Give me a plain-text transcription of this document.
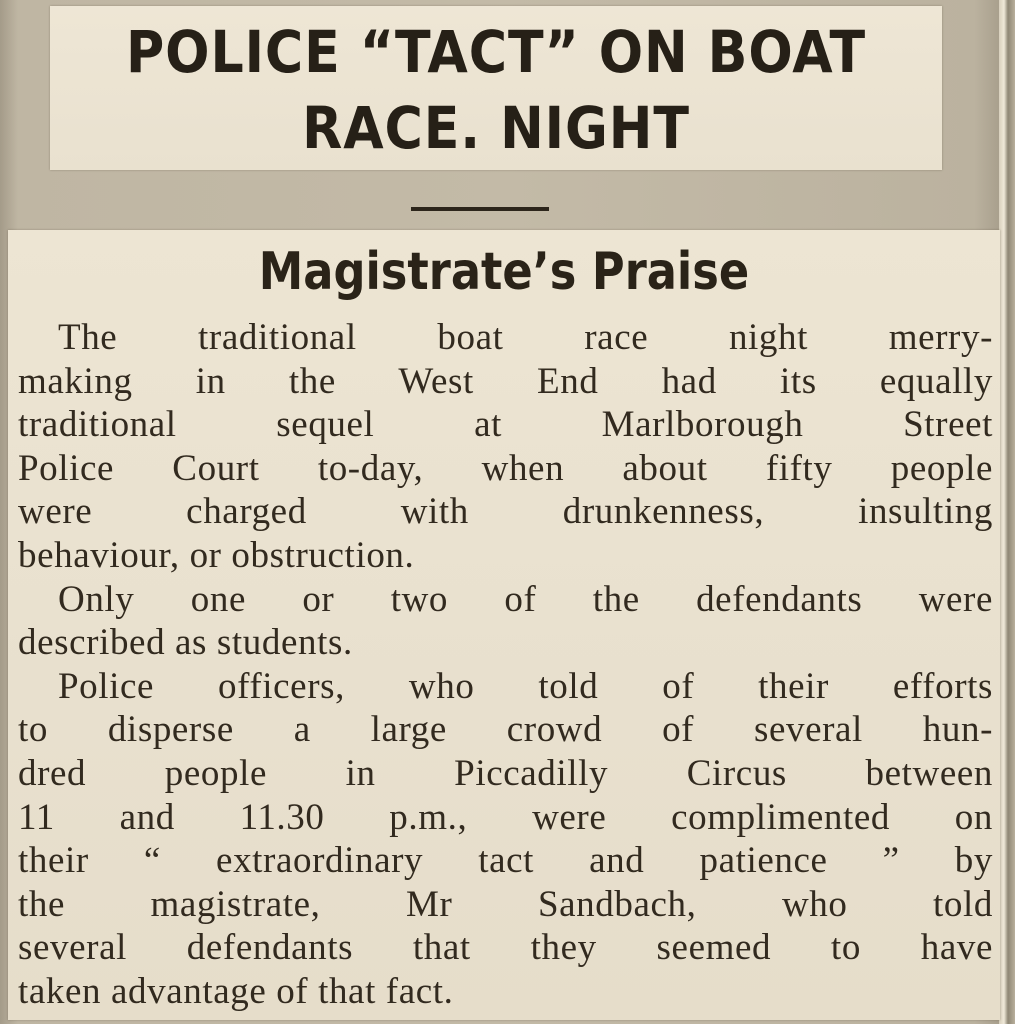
POLICE “TACT” ON BOAT
RACE. NIGHT
Magistrate’s Praise
The traditional boat race night merry-
making in the West End had its equally
traditional sequel at Marlborough Street
Police Court to-day, when about fifty people
were charged with drunkenness, insulting
behaviour, or obstruction.
Only one or two of the defendants were
described as students.
Police officers, who told of their efforts
to disperse a large crowd of several hun-
dred people in Piccadilly Circus between
11 and 11.30 p.m., were complimented on
their “ extraordinary tact and patience ” by
the magistrate, Mr Sandbach, who told
several defendants that they seemed to have
taken advantage of that fact.
